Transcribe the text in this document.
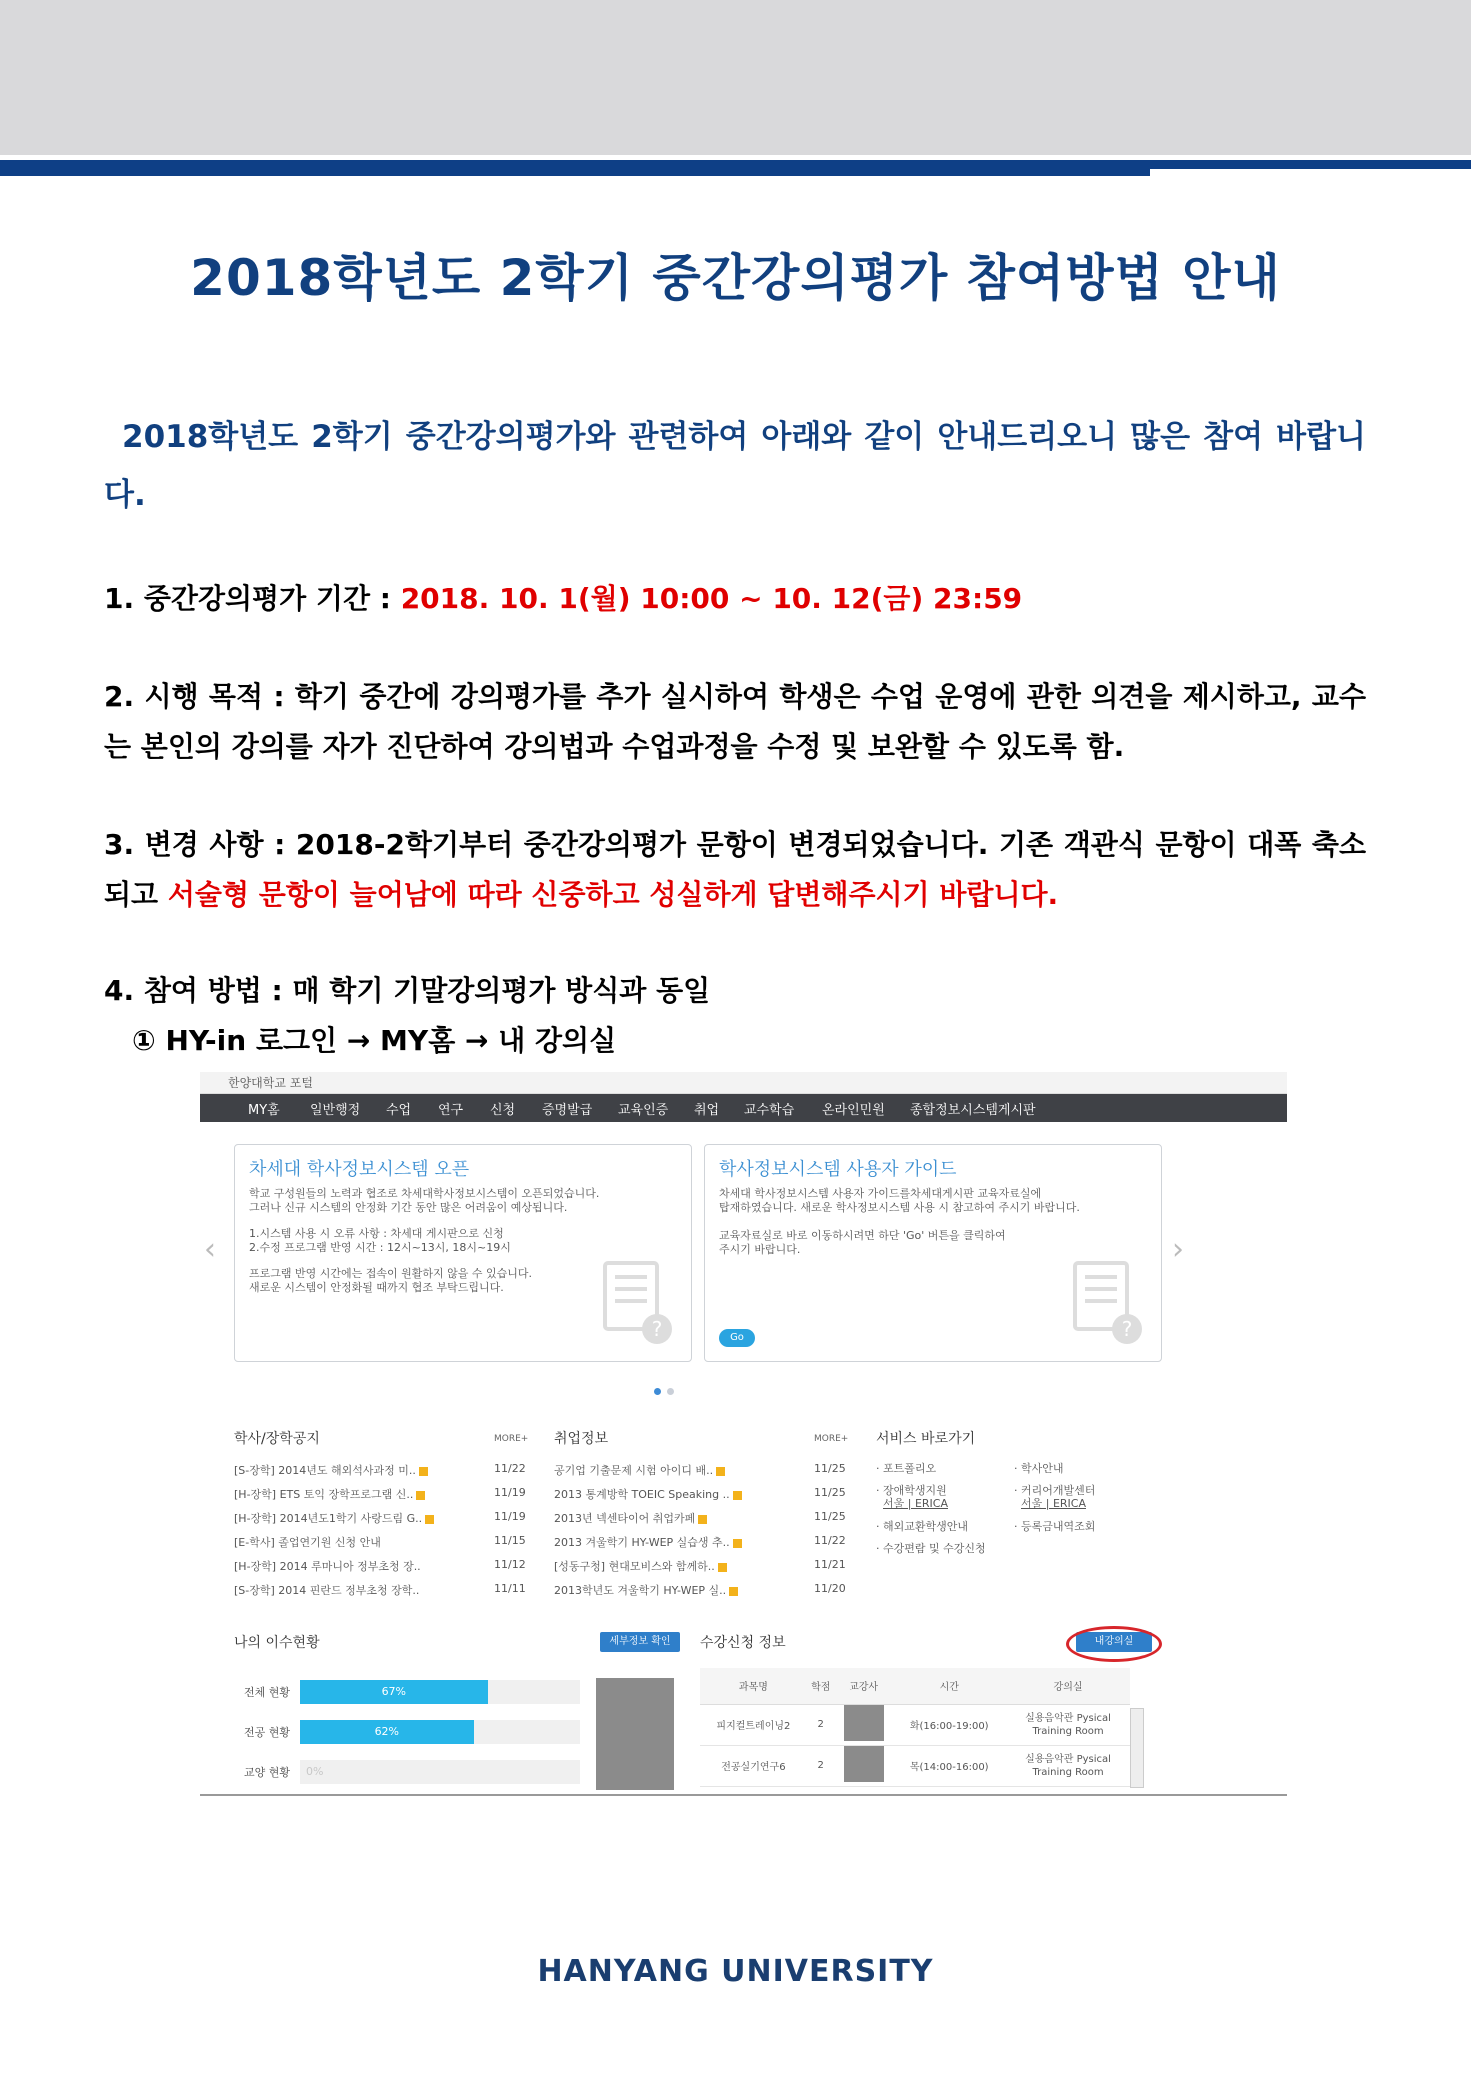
2018학년도 2학기 중간강의평가 참여방법 안내
2018학년도 2학기 중간강의평가와 관련하여 아래와 같이 안내드리오니 많은 참여 바랍니다.
1. 중간강의평가 기간 : 2018. 10. 1(월) 10:00 ~ 10. 12(금) 23:59
2. 시행 목적 : 학기 중간에 강의평가를 추가 실시하여 학생은 수업 운영에 관한 의견을 제시하고, 교수는 본인의 강의를 자가 진단하여 강의법과 수업과정을 수정 및 보완할 수 있도록 함.
3. 변경 사항 : 2018-2학기부터 중간강의평가 문항이 변경되었습니다. 기존 객관식 문항이 대폭 축소되고 서술형 문항이 늘어남에 따라 신중하고 성실하게 답변해주시기 바랍니다.
4. 참여 방법 : 매 학기 기말강의평가 방식과 동일
① HY-in 로그인 → MY홈 → 내 강의실
한양대학교 포털
MY홈 일반행정 수업 연구 신청 증명발급 교육인증 취업 교수학습 온라인민원 종합정보시스템게시판
‹	›
차세대 학사정보시스템 오픈
학교 구성원들의 노력과 협조로 차세대학사정보시스템이 오픈되었습니다.
그러나 신규 시스템의 안정화 기간 동안 많은 어려움이 예상됩니다.
1.시스템 사용 시 오류 사항 : 차세대 게시판으로 신청
2.수정 프로그램 반영 시간 : 12시~13시, 18시~19시
프로그램 반영 시간에는 접속이 원활하지 않을 수 있습니다.
새로운 시스템이 안정화될 때까지 협조 부탁드립니다.
?
학사정보시스템 사용자 가이드
차세대 학사정보시스템 사용자 가이드를차세대게시판 교육자료실에
탑재하였습니다. 새로운 학사정보시스템 사용 시 참고하여 주시기 바랍니다.
교육자료실로 바로 이동하시려면 하단 'Go' 버튼을 클릭하여
주시기 바랍니다.
Go	?
학사/장학공지	MORE+
[S-장학] 2014년도 해외석사과정 미..	11/22
[H-장학] ETS 토익 장학프로그램 신..	11/19
[H-장학] 2014년도1학기 사랑드림 G..	11/19
[E-학사] 졸업연기원 신청 안내	11/15
[H-장학] 2014 루마니아 정부초청 장..	11/12
[S-장학] 2014 핀란드 정부초청 장학..	11/11
취업정보	MORE+
공기업 기출문제 시험 아이디 배..	11/25
2013 통계방학 TOEIC Speaking ..	11/25
2013년 넥센타이어 취업카페	11/25
2013 겨울학기 HY-WEP 실습생 추..	11/22
[성동구청] 현대모비스와 함께하..	11/21
2013학년도 겨울학기 HY-WEP 실..	11/20
서비스 바로가기
· 포트폴리오
· 장애학생지원
서울 | ERICA
· 해외교환학생안내
· 수강편람 및 수강신청
· 학사안내
· 커리어개발센터
서울 | ERICA
· 등록금내역조회
나의 이수현황	세부정보 확인
전체 현황	67%
전공 현황	62%
교양 현황 0%
수강신청 정보	내강의실
과목명	학점	교강사	시간	강의실
피지컬트레이닝2	2		화(16:00-19:00)	실용음악관 Pysical
Training Room
전공실기연구6	2		목(14:00-16:00)	실용음악관 Pysical
Training Room
HANYANG UNIVERSITY
